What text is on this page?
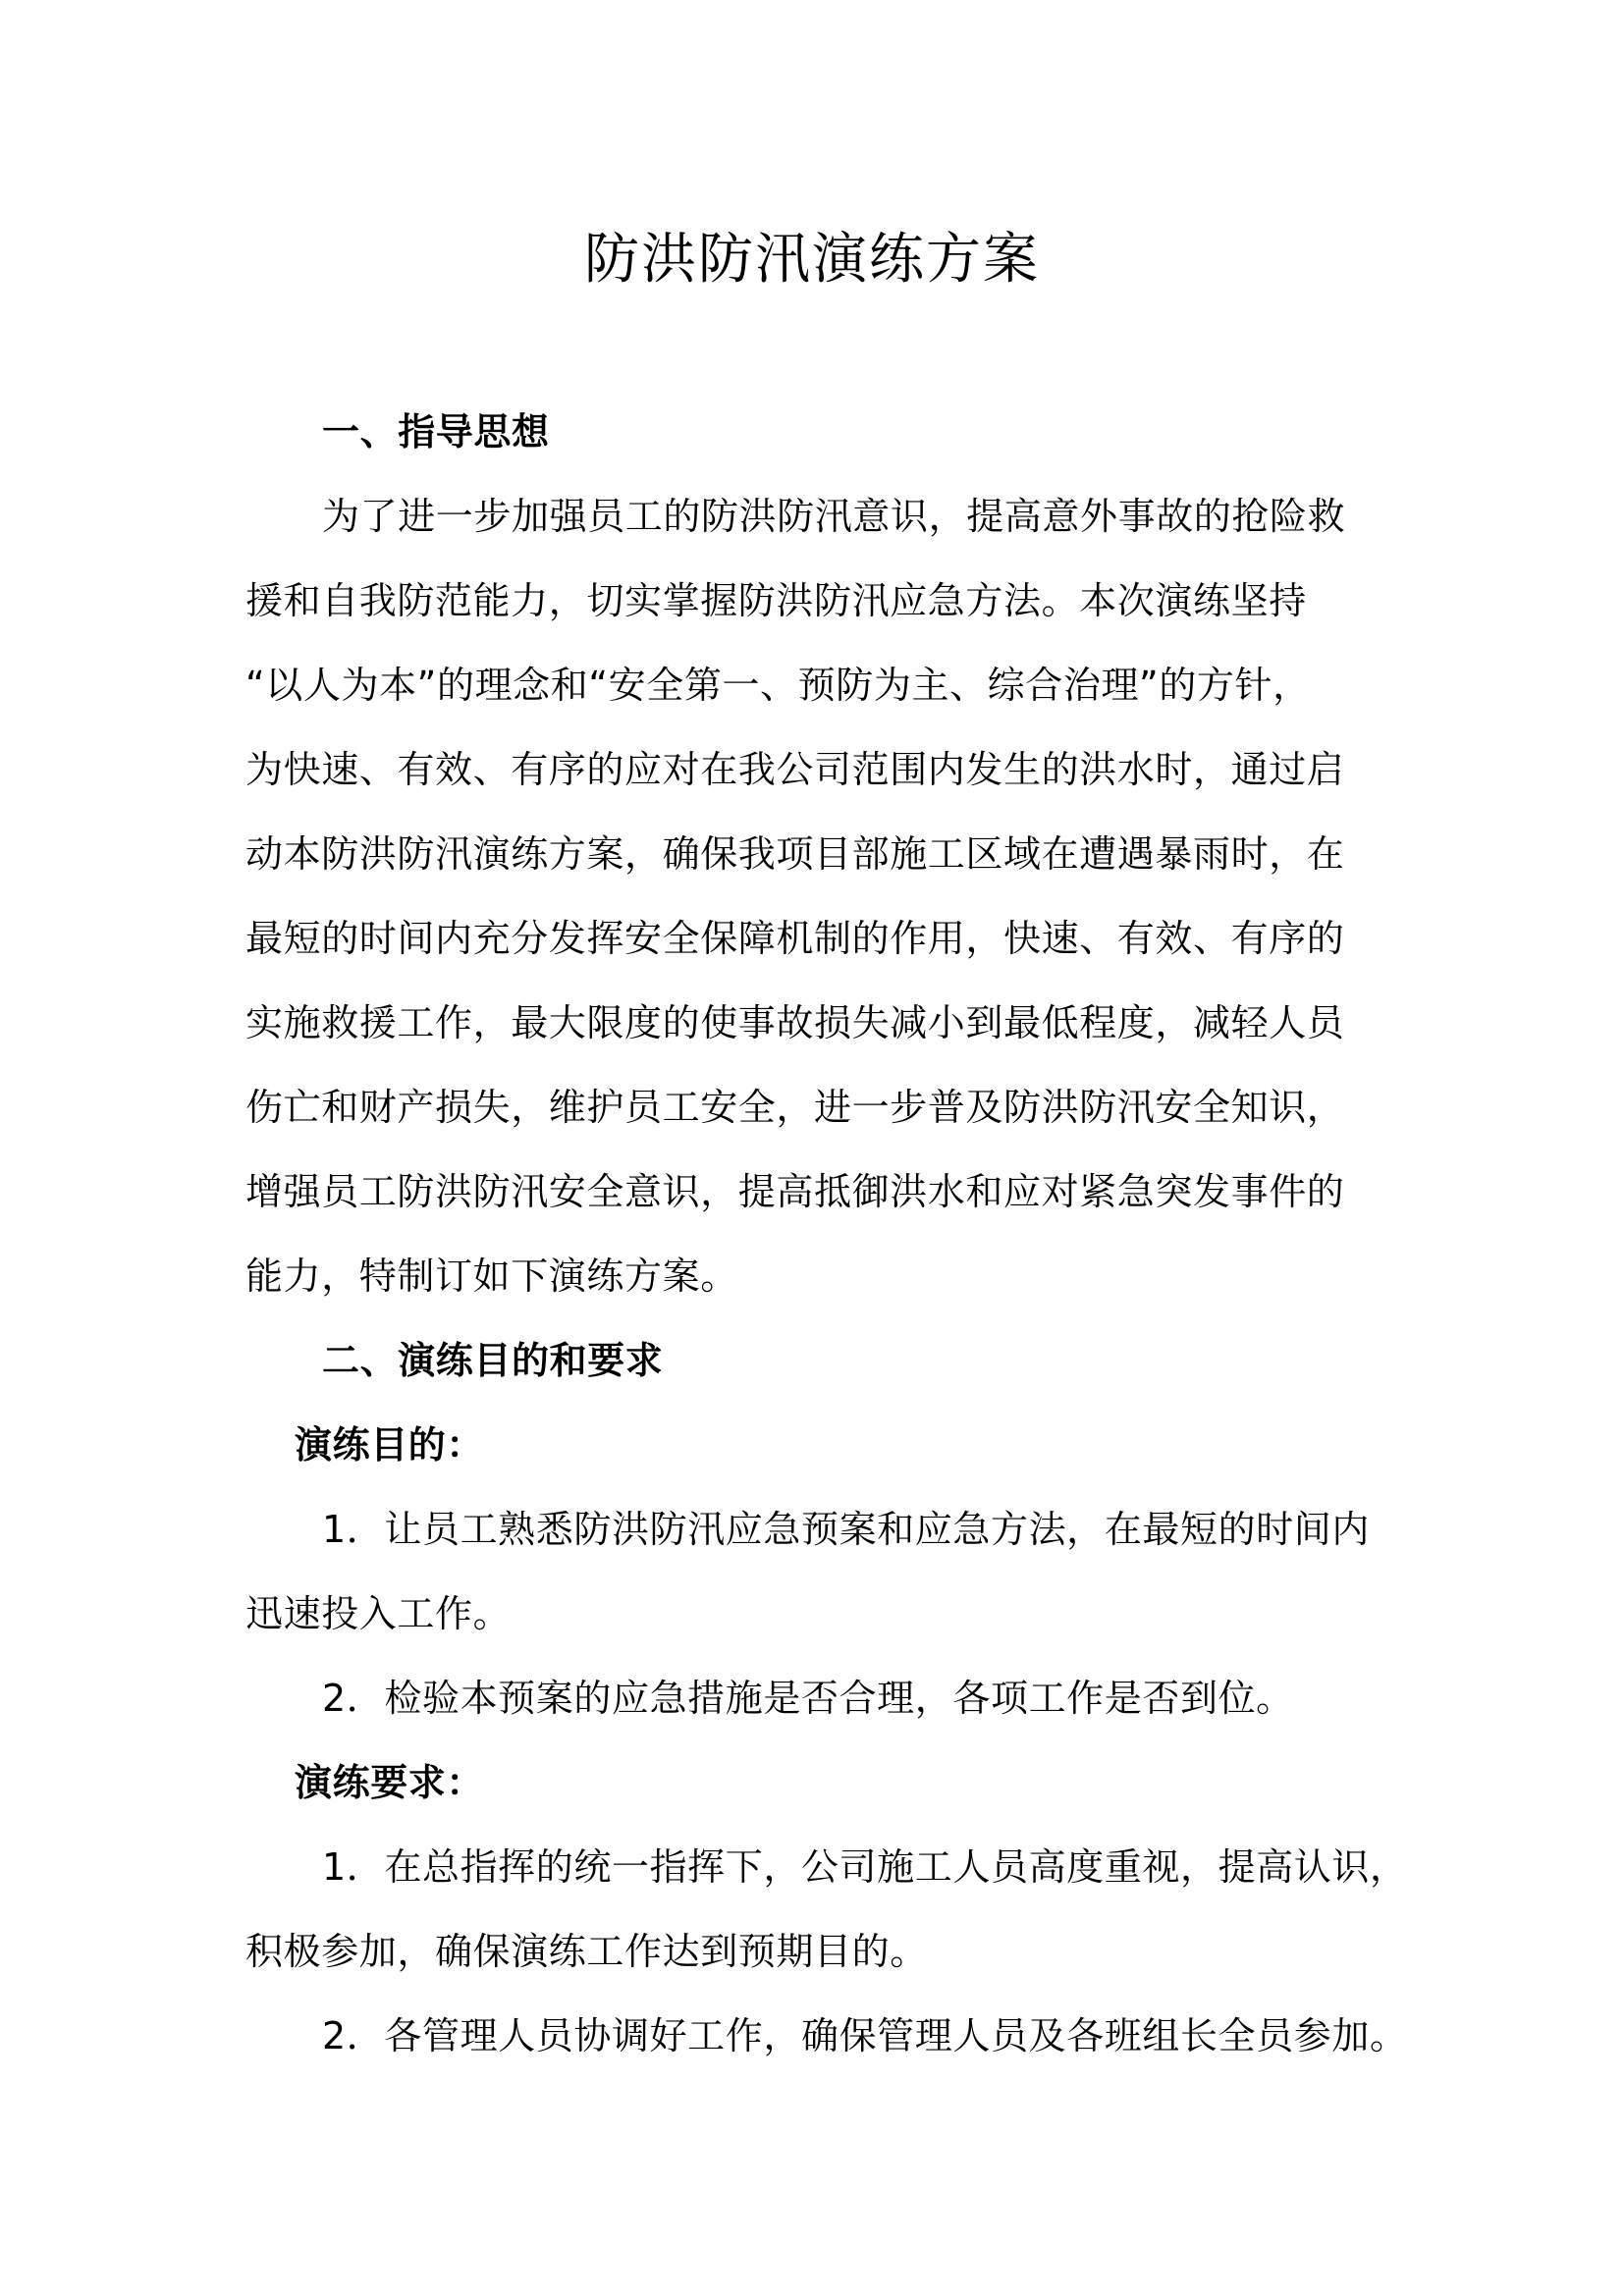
防洪防汛演练方案
一、指导思想
为了进一步加强员工的防洪防汛意识，提高意外事故的抢险救
援和自我防范能力，切实掌握防洪防汛应急方法。本次演练坚持
“以人为本”的理念和“安全第一、预防为主、综合治理”的方针，
为快速、有效、有序的应对在我公司范围内发生的洪水时，通过启
动本防洪防汛演练方案，确保我项目部施工区域在遭遇暴雨时，在
最短的时间内充分发挥安全保障机制的作用，快速、有效、有序的
实施救援工作，最大限度的使事故损失减小到最低程度，减轻人员
伤亡和财产损失，维护员工安全，进一步普及防洪防汛安全知识，
增强员工防洪防汛安全意识，提高抵御洪水和应对紧急突发事件的
能力，特制订如下演练方案。
二、演练目的和要求
演练目的：
1．让员工熟悉防洪防汛应急预案和应急方法，在最短的时间内
迅速投入工作。
2．检验本预案的应急措施是否合理，各项工作是否到位。
演练要求：
1．在总指挥的统一指挥下，公司施工人员高度重视，提高认识，
积极参加，确保演练工作达到预期目的。
2．各管理人员协调好工作，确保管理人员及各班组长全员参加。
